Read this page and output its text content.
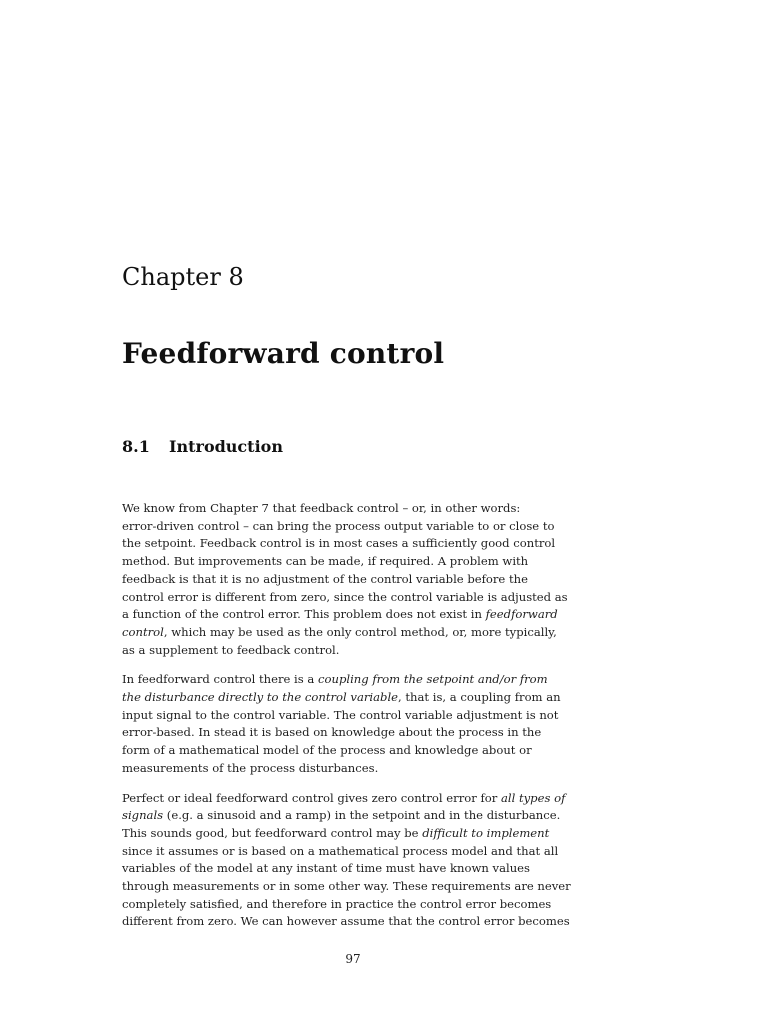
Chapter 8
Feedforward control
8.1 Introduction
We know from Chapter 7 that feedback control – or, in other words:
error-driven control – can bring the process output variable to or close to
the setpoint. Feedback control is in most cases a sufficiently good control
method. But improvements can be made, if required. A problem with
feedback is that it is no adjustment of the control variable before the
control error is different from zero, since the control variable is adjusted as
a function of the control error. This problem does not exist in feedforward
control, which may be used as the only control method, or, more typically,
as a supplement to feedback control.
In feedforward control there is a coupling from the setpoint and/or from
the disturbance directly to the control variable, that is, a coupling from an
input signal to the control variable. The control variable adjustment is not
error-based. In stead it is based on knowledge about the process in the
form of a mathematical model of the process and knowledge about or
measurements of the process disturbances.
Perfect or ideal feedforward control gives zero control error for all types of
signals (e.g. a sinusoid and a ramp) in the setpoint and in the disturbance.
This sounds good, but feedforward control may be difficult to implement
since it assumes or is based on a mathematical process model and that all
variables of the model at any instant of time must have known values
through measurements or in some other way. These requirements are never
completely satisfied, and therefore in practice the control error becomes
different from zero. We can however assume that the control error becomes
97
